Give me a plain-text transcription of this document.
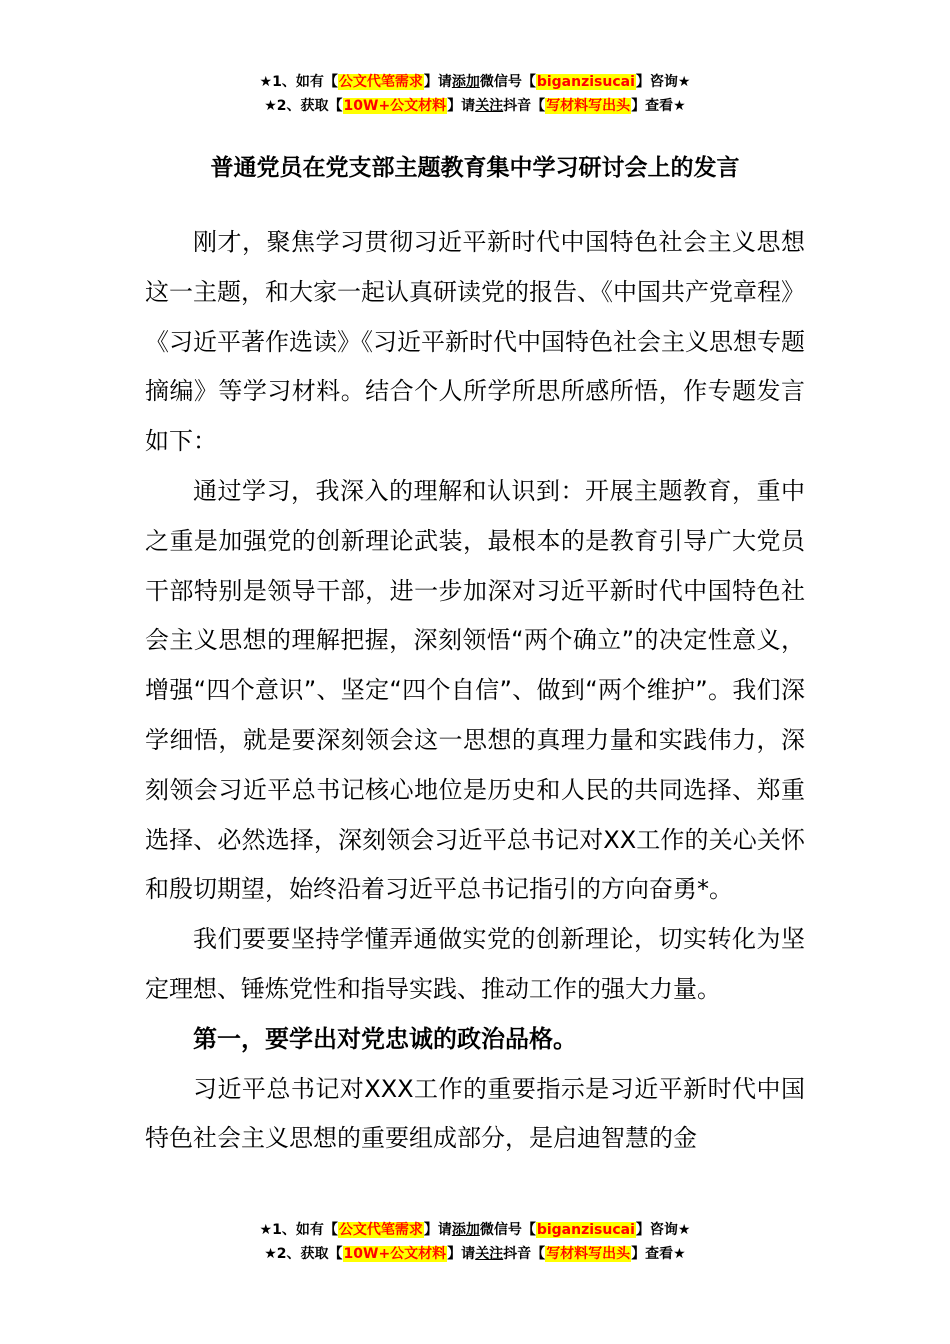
★1、如有【公文代笔需求】请添加微信号【biganzisucai】咨询★
★2、获取【10W+公文材料】请关注抖音【写材料写出头】查看★
普通党员在党支部主题教育集中学习研讨会上的发言

刚才，聚焦学习贯彻习近平新时代中国特色社会主义思想这一主题，和大家一起认真研读党的报告、《中国共产党章程》《习近平著作选读》《习近平新时代中国特色社会主义思想专题摘编》等学习材料。结合个人所学所思所感所悟，作专题发言如下：

通过学习，我深入的理解和认识到：开展主题教育，重中之重是加强党的创新理论武装，最根本的是教育引导广大党员干部特别是领导干部，进一步加深对习近平新时代中国特色社会主义思想的理解把握，深刻领悟“两个确立”的决定性意义，增强“四个意识”、坚定“四个自信”、做到“两个维护”。我们深学细悟，就是要深刻领会这一思想的真理力量和实践伟力，深刻领会习近平总书记核心地位是历史和人民的共同选择、郑重选择、必然选择，深刻领会习近平总书记对XX工作的关心关怀和殷切期望，始终沿着习近平总书记指引的方向奋勇*。

我们要要坚持学懂弄通做实党的创新理论，切实转化为坚定理想、锤炼党性和指导实践、推动工作的强大力量。

第一，要学出对党忠诚的政治品格。

习近平总书记对XXX工作的重要指示是习近平新时代中国特色社会主义思想的重要组成部分，是启迪智慧的金

★1、如有【公文代笔需求】请添加微信号【biganzisucai】咨询★
★2、获取【10W+公文材料】请关注抖音【写材料写出头】查看★
